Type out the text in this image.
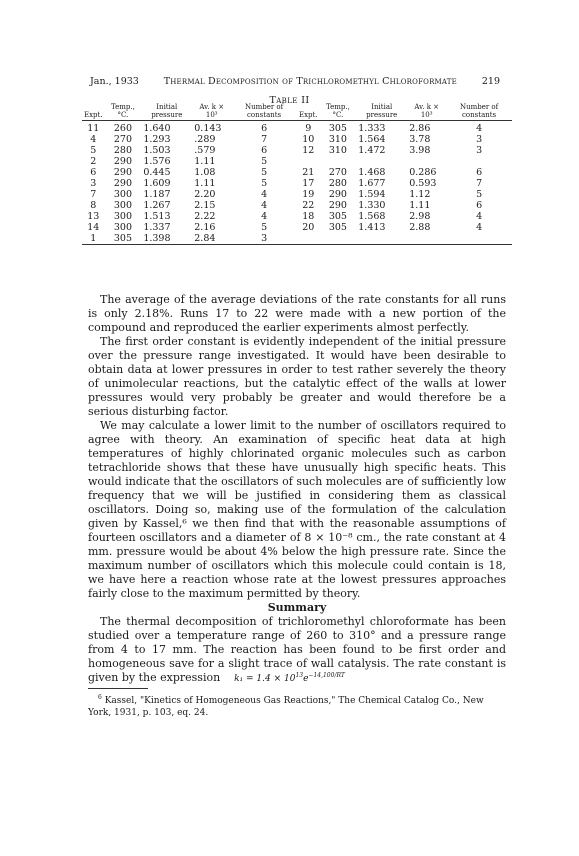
Jan., 1933	Thermal Decomposition of Trichloromethyl Chloroformate	219
Table II
Expt.	Temp., °C.	Initial pressure	Av. k × 10³	Number of constants	Expt.	Temp., °C.	Initial pressure	Av. k × 10³	Number of constants
11	260	1.640	0.143	6	9	305	1.333	2.86	4
4	270	1.293	.289	7	10	310	1.564	3.78	3
5	280	1.503	.579	6	12	310	1.472	3.98	3
2	290	1.576	1.11	5					
6	290	0.445	1.08	5	21	270	1.468	0.286	6
3	290	1.609	1.11	5	17	280	1.677	0.593	7
7	300	1.187	2.20	4	19	290	1.594	1.12	5
8	300	1.267	2.15	4	22	290	1.330	1.11	6
13	300	1.513	2.22	4	18	305	1.568	2.98	4
14	300	1.337	2.16	5	20	305	1.413	2.88	4
1	305	1.398	2.84	3					

The average of the average deviations of the rate constants for all runs is only 2.18%. Runs 17 to 22 were made with a new portion of the compound and reproduced the earlier experiments almost perfectly.

The first order constant is evidently independent of the initial pressure over the pressure range investigated. It would have been desirable to obtain data at lower pressures in order to test rather severely the theory of unimolecular reactions, but the catalytic effect of the walls at lower pressures would very probably be greater and would therefore be a serious disturbing factor.

We may calculate a lower limit to the number of oscillators required to agree with theory. An examination of specific heat data at high temperatures of highly chlorinated organic molecules such as carbon tetrachloride shows that these have unusually high specific heats. This would indicate that the oscillators of such molecules are of sufficiently low frequency that we will be justified in considering them as classical oscillators. Doing so, making use of the formulation of the calculation given by Kassel,⁶ we then find that with the reasonable assumptions of fourteen oscillators and a diameter of 8 × 10⁻⁸ cm., the rate constant at 4 mm. pressure would be about 4% below the high pressure rate. Since the maximum number of oscillators which this molecule could contain is 18, we have here a reaction whose rate at the lowest pressures approaches fairly close to the maximum permitted by theory.

Summary

The thermal decomposition of trichloromethyl chloroformate has been studied over a temperature range of 260 to 310° and a pressure range from 4 to 17 mm. The reaction has been found to be first order and homogeneous save for a slight trace of wall catalysis. The rate constant is given by the expression	$k_1 = 1.4 \times 10^{13}e^{-14,100/RT}$
$^6$ Kassel, "Kinetics of Homogeneous Gas Reactions," The Chemical Catalog Co., New York, 1931, p. 103, eq. 24.
